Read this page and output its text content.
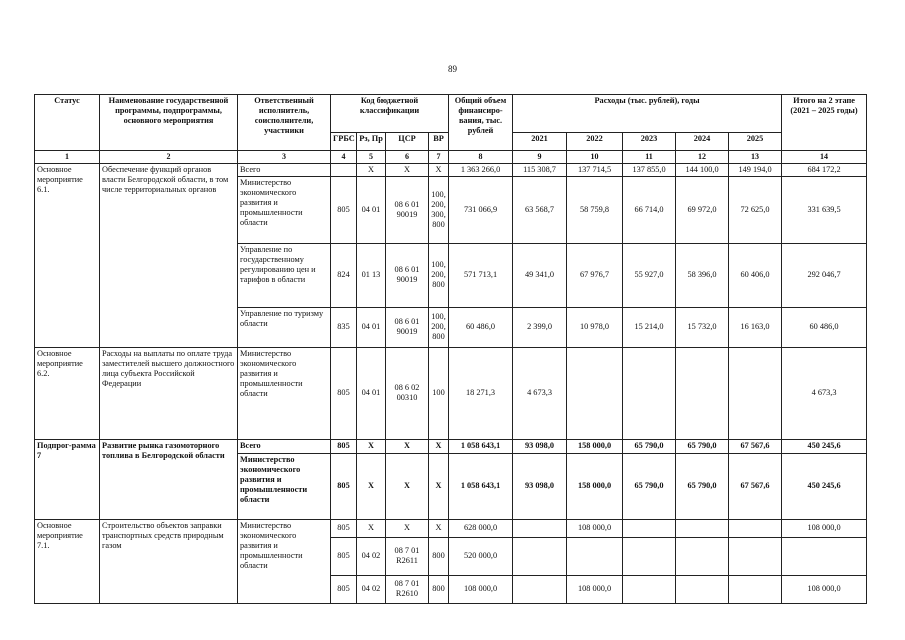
89
Статус	Наименование государственной программы, подпрограммы, основного мероприятия	Ответственный исполнитель, соисполнители, участники	Код бюджетной классификации				Общий объем финансиро-вания, тыс. рублей	Расходы (тыс. рублей), годы					Итого на 2 этапе (2021 – 2025 годы)
			ГРБС	Рз, Пр	ЦСР	ВР		2021	2022	2023	2024	2025	
1	2	3	4	5	6	7	8	9	10	11	12	13	14
Основное мероприятие 6.1.	Обеспечение функций органов власти Белгородской области, в том числе территориальных органов	Всего		X	X	X	1 363 266,0	115 308,7	137 714,5	137 855,0	144 100,0	149 194,0	684 172,2
		Министерство экономического развития и промышленности области	805	04 01	08 6 01 90019	100, 200, 300, 800	731 066,9	63 568,7	58 759,8	66 714,0	69 972,0	72 625,0	331 639,5
		Управление по государственному регулированию цен и тарифов в области	824	01 13	08 6 01 90019	100, 200, 800	571 713,1	49 341,0	67 976,7	55 927,0	58 396,0	60 406,0	292 046,7
		Управление по туризму области	835	04 01	08 6 01 90019	100, 200, 800	60 486,0	2 399,0	10 978,0	15 214,0	15 732,0	16 163,0	60 486,0
Основное мероприятие 6.2.	Расходы на выплаты по оплате труда заместителей высшего должностного лица субъекта Российской Федерации	Министерство экономического развития и промышленности области	805	04 01	08 6 02 00310	100	18 271,3	4 673,3					4 673,3
Подпрог-рамма 7	Развитие рынка газомоторного топлива в Белгородской области	Всего	805	X	X	X	1 058 643,1	93 098,0	158 000,0	65 790,0	65 790,0	67 567,6	450 245,6
		Министерство экономического развития и промышленности области	805	X	X	X	1 058 643,1	93 098,0	158 000,0	65 790,0	65 790,0	67 567,6	450 245,6
Основное мероприятие 7.1.	Строительство объектов заправки транспортных средств природным газом	Министерство экономического развития и промышленности области	805	X	X	X	628 000,0		108 000,0				108 000,0
			805	04 02	08 7 01 R2611	800	520 000,0						
			805	04 02	08 7 01 R2610	800	108 000,0		108 000,0				108 000,0
